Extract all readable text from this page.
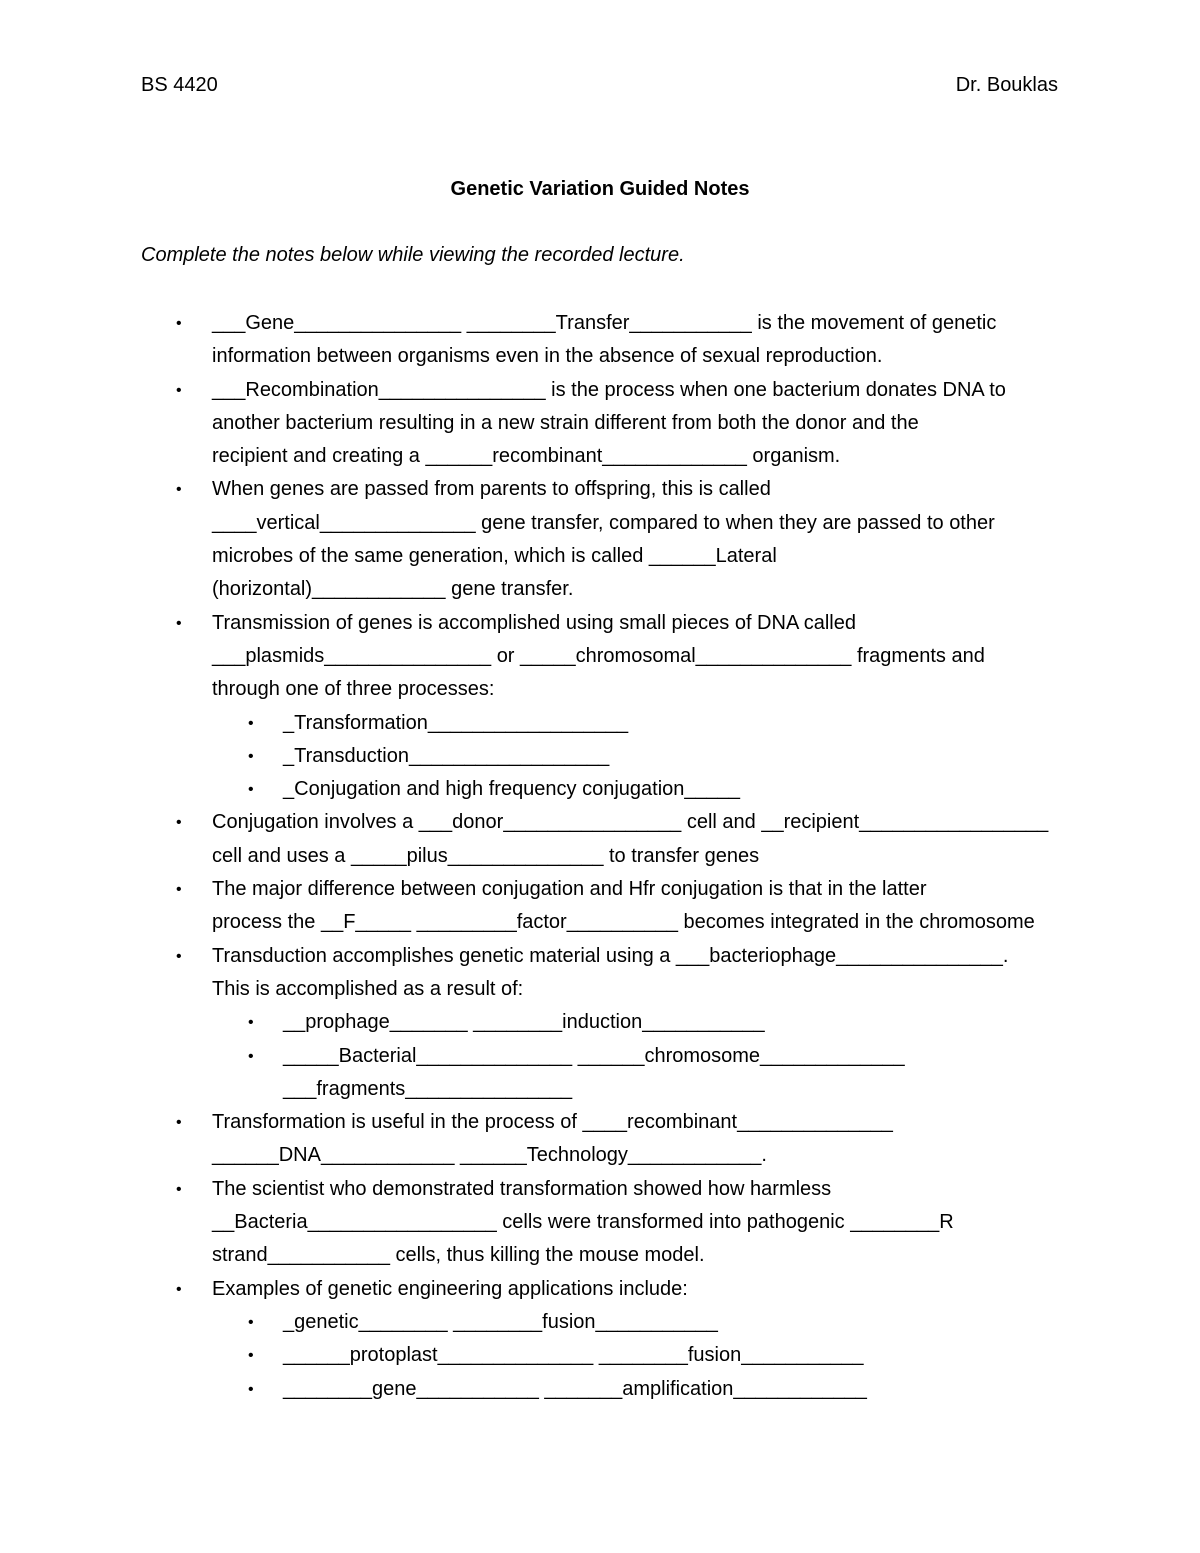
BS 4420	Dr. Bouklas
Genetic Variation Guided Notes
Complete the notes below while viewing the recorded lecture.
• ___Gene_______________ ________Transfer___________ is the movement of genetic
information between organisms even in the absence of sexual reproduction.
• ___Recombination_______________ is the process when one bacterium donates DNA to
another bacterium resulting in a new strain different from both the donor and the
recipient and creating a ______recombinant_____________ organism.
• When genes are passed from parents to offspring, this is called
____vertical______________ gene transfer, compared to when they are passed to other
microbes of the same generation, which is called ______Lateral
(horizontal)____________ gene transfer.
• Transmission of genes is accomplished using small pieces of DNA called
___plasmids_______________ or _____chromosomal______________ fragments and
through one of three processes:
• _Transformation__________________
• _Transduction__________________
• _Conjugation and high frequency conjugation_____
• Conjugation involves a ___donor________________ cell and __recipient_________________
cell and uses a _____pilus______________ to transfer genes
• The major difference between conjugation and Hfr conjugation is that in the latter
process the __F_____ _________factor__________ becomes integrated in the chromosome
• Transduction accomplishes genetic material using a ___bacteriophage_______________.
This is accomplished as a result of:
• __prophage_______ ________induction___________
• _____Bacterial______________ ______chromosome_____________
___fragments_______________
• Transformation is useful in the process of ____recombinant______________
______DNA____________ ______Technology____________.
• The scientist who demonstrated transformation showed how harmless
__Bacteria_________________ cells were transformed into pathogenic ________R
strand___________ cells, thus killing the mouse model.
• Examples of genetic engineering applications include:
• _genetic________ ________fusion___________
• ______protoplast______________ ________fusion___________
• ________gene___________ _______amplification____________
